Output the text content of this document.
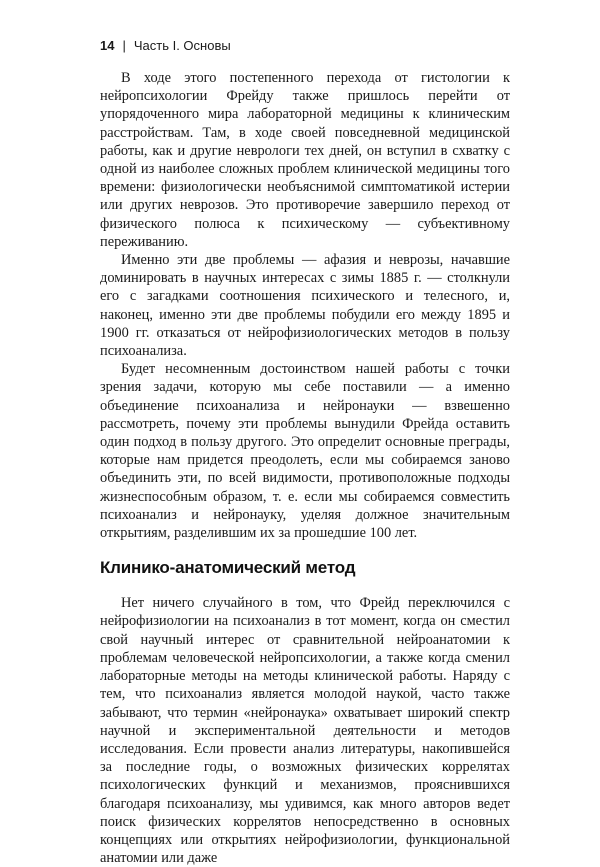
14 | Часть I. Основы

В ходе этого постепенного перехода от гистологии к нейропсихологии Фрейду также пришлось перейти от упорядоченного мира лабораторной медицины к клиническим расстройствам. Там, в ходе своей повседневной медицинской работы, как и другие неврологи тех дней, он вступил в схватку с одной из наиболее сложных проблем клинической медицины того времени: физиологически необъяснимой симптоматикой истерии или других неврозов. Это противоречие завершило переход от физического полюса к психическому — субъективному переживанию.

Именно эти две проблемы — афазия и неврозы, начавшие доминировать в научных интересах с зимы 1885 г. — столкнули его с загадками соотношения психического и телесного, и, наконец, именно эти две проблемы побудили его между 1895 и 1900 гг. отказаться от нейрофизиологических методов в пользу психоанализа.

Будет несомненным достоинством нашей работы с точки зрения задачи, которую мы себе поставили — а именно объединение психоанализа и нейронауки — взвешенно рассмотреть, почему эти проблемы вынудили Фрейда оставить один подход в пользу другого. Это определит основные преграды, которые нам придется преодолеть, если мы собираемся заново объединить эти, по всей видимости, противоположные подходы жизнеспособным образом, т. е. если мы собираемся совместить психоанализ и нейронауку, уделяя должное значительным открытиям, разделившим их за прошедшие 100 лет.

Клинико-анатомический метод

Нет ничего случайного в том, что Фрейд переключился с нейрофизиологии на психоанализ в тот момент, когда он сместил свой научный интерес от сравнительной нейроанатомии к проблемам человеческой нейропсихологии, а также когда сменил лабораторные методы на методы клинической работы. Наряду с тем, что психоанализ является молодой наукой, часто также забывают, что термин «нейронаука» охватывает широкий спектр научной и экспериментальной деятельности и методов исследования. Если провести анализ литературы, накопившейся за последние годы, о возможных физических коррелятах психологических функций и механизмов, прояснившихся благодаря психоанализу, мы удивимся, как много авторов ведет поиск физических коррелятов непосредственно в основных концепциях или открытиях нейрофизиологии, функциональной анатомии или даже
